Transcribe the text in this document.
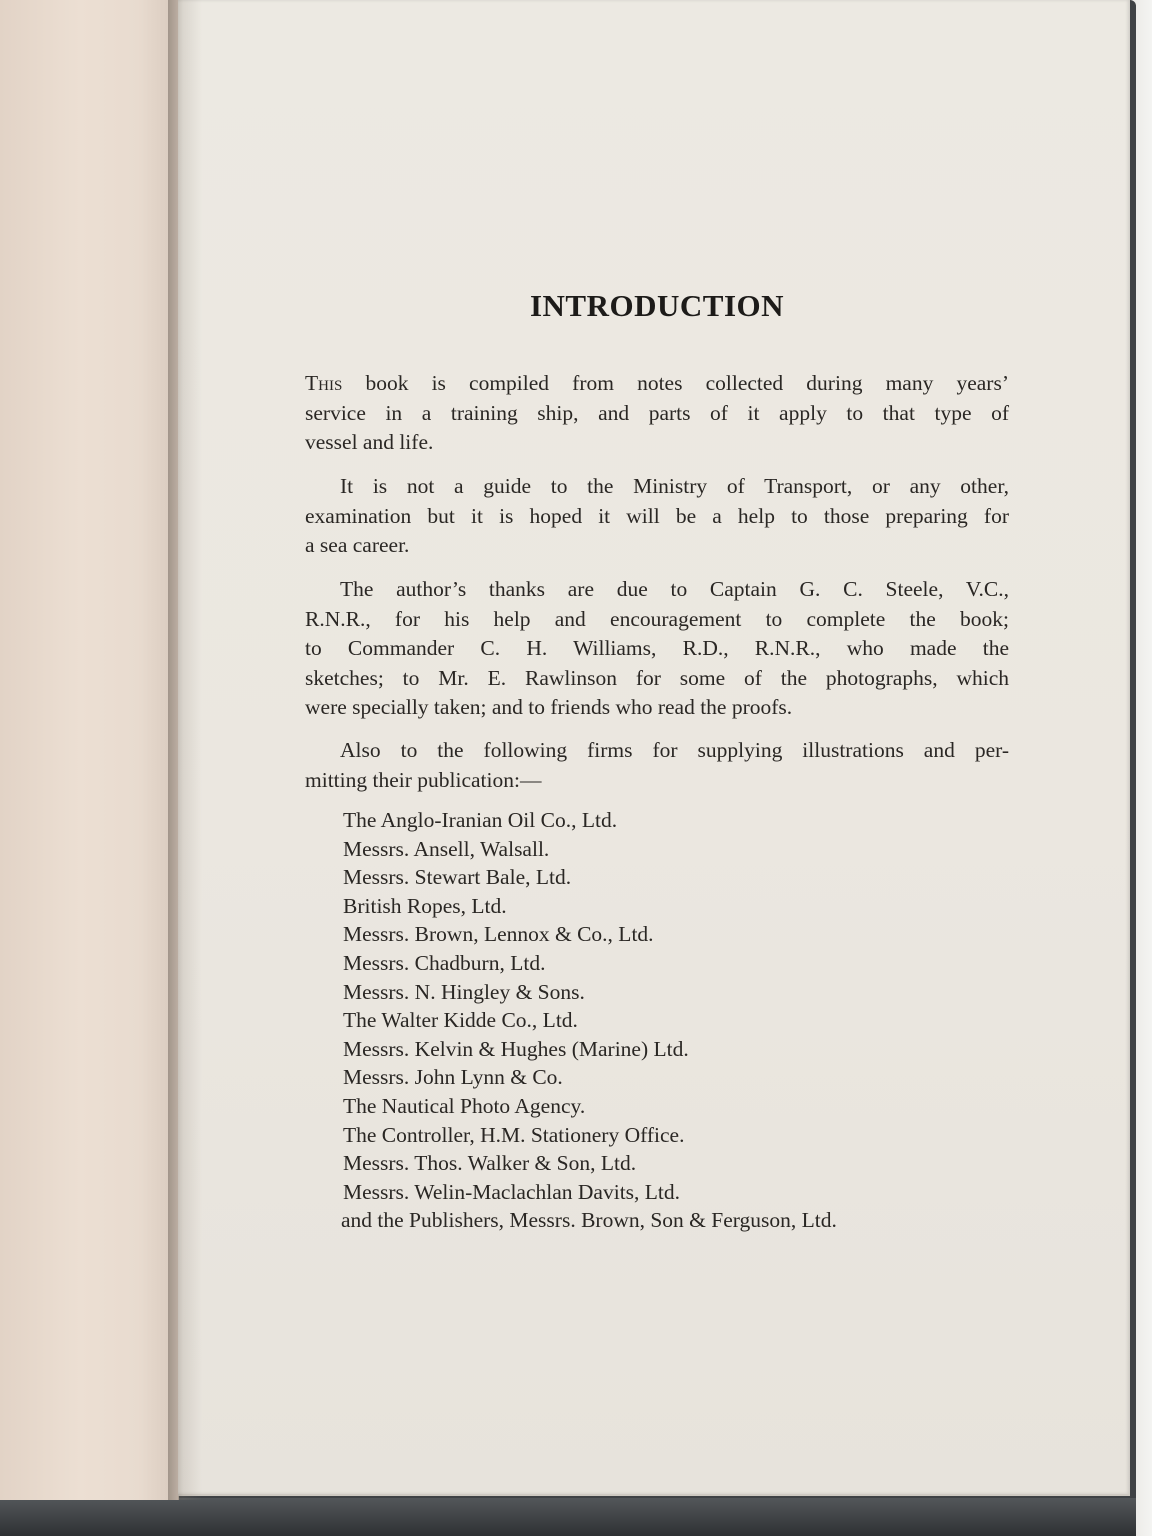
INTRODUCTION

This book is compiled from notes collected during many years’
service in a training ship, and parts of it apply to that type of
vessel and life.

It is not a guide to the Ministry of Transport, or any other,
examination but it is hoped it will be a help to those preparing for
a sea career.

The author’s thanks are due to Captain G. C. Steele, V.C.,
R.N.R., for his help and encouragement to complete the book;
to Commander C. H. Williams, R.D., R.N.R., who made the
sketches; to Mr. E. Rawlinson for some of the photographs, which
were specially taken; and to friends who read the proofs.

Also to the following firms for supplying illustrations and per-
mitting their publication:—

The Anglo-Iranian Oil Co., Ltd.
Messrs. Ansell, Walsall.
Messrs. Stewart Bale, Ltd.
British Ropes, Ltd.
Messrs. Brown, Lennox & Co., Ltd.
Messrs. Chadburn, Ltd.
Messrs. N. Hingley & Sons.
The Walter Kidde Co., Ltd.
Messrs. Kelvin & Hughes (Marine) Ltd.
Messrs. John Lynn & Co.
The Nautical Photo Agency.
The Controller, H.M. Stationery Office.
Messrs. Thos. Walker & Son, Ltd.
Messrs. Welin-Maclachlan Davits, Ltd.
and the Publishers, Messrs. Brown, Son & Ferguson, Ltd.
